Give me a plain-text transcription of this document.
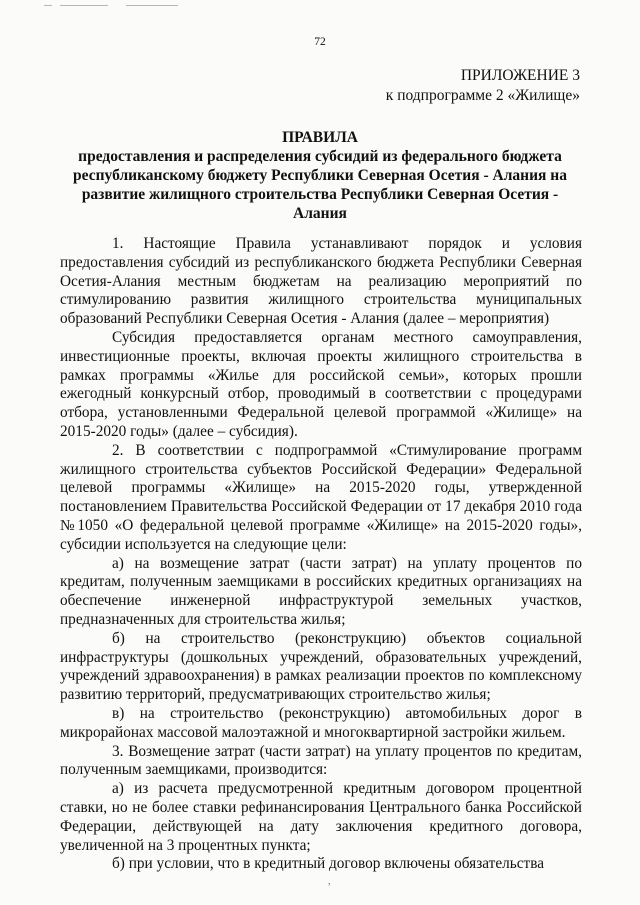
72
ПРИЛОЖЕНИЕ 3
к подпрограмме 2 «Жилище»
ПРАВИЛА
предоставления и распределения субсидий из федерального бюджета республиканскому бюджету Республики Северная Осетия - Алания на развитие жилищного строительства Республики Северная Осетия - Алания

1. Настоящие Правила устанавливают порядок и условия предоставления субсидий из республиканского бюджета Республики Северная Осетия-Алания местным бюджетам на реализацию мероприятий по стимулированию развития жилищного строительства муниципальных образований Республики Северная Осетия - Алания (далее – мероприятия)

Субсидия предоставляется органам местного самоуправления, инвестиционные проекты, включая проекты жилищного строительства в рамках программы «Жилье для российской семьи», которых прошли ежегодный конкурсный отбор, проводимый в соответствии с процедурами отбора, установленными Федеральной целевой программой «Жилище» на 2015-2020 годы» (далее – субсидия).

2. В соответствии с подпрограммой «Стимулирование программ жилищного строительства субъектов Российской Федерации» Федеральной целевой программы «Жилище» на 2015-2020 годы, утвержденной постановлением Правительства Российской Федерации от 17 декабря 2010 года №1050 «О федеральной целевой программе «Жилище» на 2015-2020 годы», субсидии используется на следующие цели:

а) на возмещение затрат (части затрат) на уплату процентов по кредитам, полученным заемщиками в российских кредитных организациях на обеспечение инженерной инфраструктурой земельных участков, предназначенных для строительства жилья;

б) на строительство (реконструкцию) объектов социальной инфраструктуры (дошкольных учреждений, образовательных учреждений, учреждений здравоохранения) в рамках реализации проектов по комплексному развитию территорий, предусматривающих строительство жилья;

в) на строительство (реконструкцию) автомобильных дорог в микрорайонах массовой малоэтажной и многоквартирной застройки жильем.

3. Возмещение затрат (части затрат) на уплату процентов по кредитам, полученным заемщиками, производится:

а) из расчета предусмотренной кредитным договором процентной ставки, но не более ставки рефинансирования Центрального банка Российской Федерации, действующей на дату заключения кредитного договора, увеличенной на 3 процентных пункта;

б) при условии, что в кредитный договор включены обязательства

,
